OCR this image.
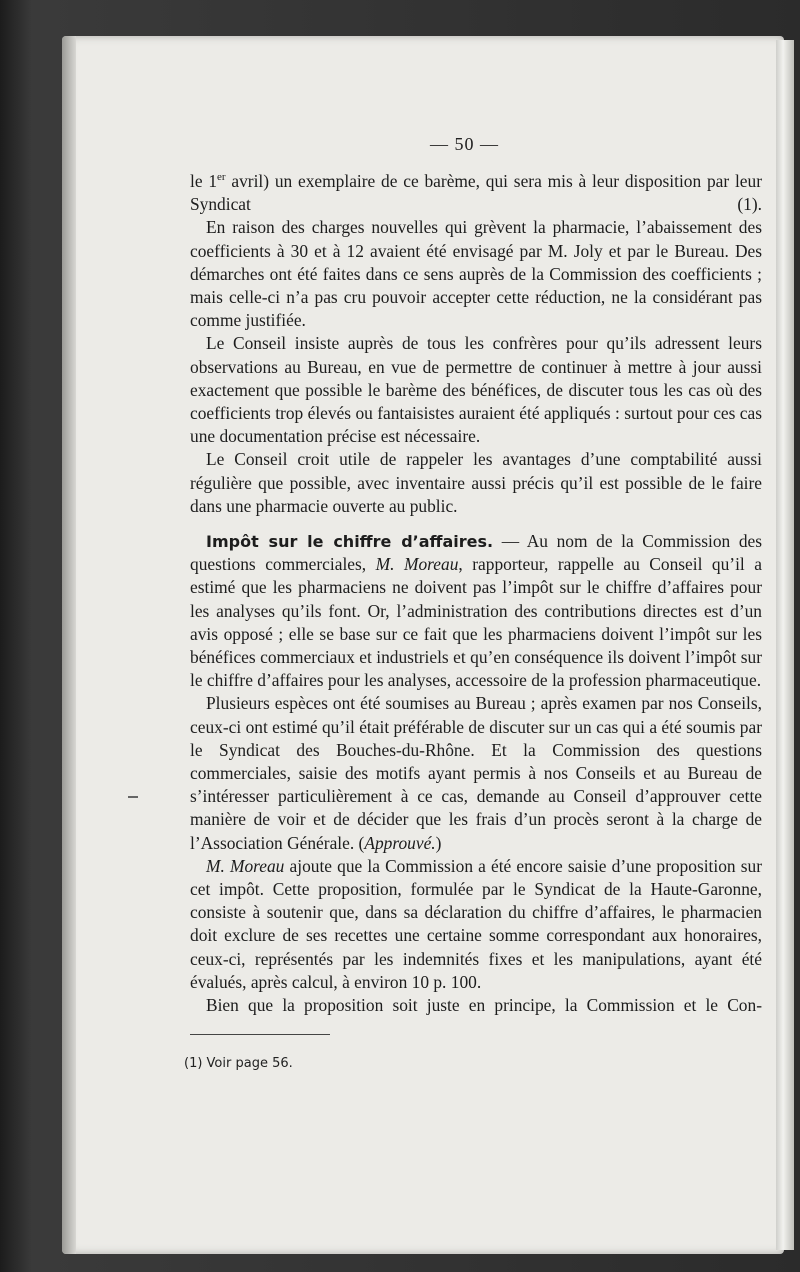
— 50 —

le 1er avril) un exemplaire de ce barème, qui sera mis à leur disposition par leur Syndicat (1).

En raison des charges nouvelles qui grèvent la pharmacie, l’abaissement des coefficients à 30 et à 12 avaient été envisagé par M. Joly et par le Bureau. Des démarches ont été faites dans ce sens auprès de la Commission des coefficients ; mais celle-ci n’a pas cru pouvoir accepter cette réduction, ne la considérant pas comme justifiée.

Le Conseil insiste auprès de tous les confrères pour qu’ils adressent leurs observations au Bureau, en vue de permettre de continuer à mettre à jour aussi exactement que possible le barème des bénéfices, de discuter tous les cas où des coefficients trop élevés ou fantaisistes auraient été appliqués : surtout pour ces cas une documentation précise est nécessaire.

Le Conseil croit utile de rappeler les avantages d’une comptabilité aussi régulière que possible, avec inventaire aussi précis qu’il est possible de le faire dans une pharmacie ouverte au public.

Impôt sur le chiffre d’affaires. — Au nom de la Commission des questions commerciales, M. Moreau, rapporteur, rappelle au Conseil qu’il a estimé que les pharmaciens ne doivent pas l’impôt sur le chiffre d’affaires pour les analyses qu’ils font. Or, l’administration des contributions directes est d’un avis opposé ; elle se base sur ce fait que les pharmaciens doivent l’impôt sur les bénéfices commerciaux et industriels et qu’en conséquence ils doivent l’impôt sur le chiffre d’affaires pour les analyses, accessoire de la profession pharmaceutique.

Plusieurs espèces ont été soumises au Bureau ; après examen par nos Conseils, ceux-ci ont estimé qu’il était préférable de discuter sur un cas qui a été soumis par le Syndicat des Bouches-du-Rhône. Et la Commission des questions commerciales, saisie des motifs ayant permis à nos Conseils et au Bureau de s’intéresser particulièrement à ce cas, demande au Conseil d’approuver cette manière de voir et de décider que les frais d’un procès seront à la charge de l’Association Générale. (Approuvé.)

M. Moreau ajoute que la Commission a été encore saisie d’une proposition sur cet impôt. Cette proposition, formulée par le Syndicat de la Haute-Garonne, consiste à soutenir que, dans sa déclaration du chiffre d’affaires, le pharmacien doit exclure de ses recettes une certaine somme correspondant aux honoraires, ceux-ci, représentés par les indemnités fixes et les manipulations, ayant été évalués, après calcul, à environ 10 p. 100.

Bien que la proposition soit juste en principe, la Commission et le Con-

(1) Voir page 56.
